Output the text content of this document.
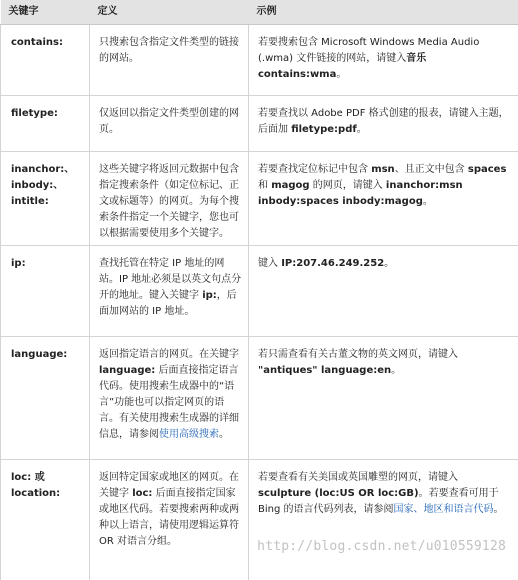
关键字	定义	示例

contains:	只搜索包含指定文件类型的链接的网站。	若要搜索包含 Microsoft Windows Media Audio (.wma) 文件链接的网站，请键入音乐 contains:wma。

filetype:	仅返回以指定文件类型创建的网页。	若要查找以 Adobe PDF 格式创建的报表，请键入主题，后面加 filetype:pdf。

inanchor:、
inbody:、
intitle:	这些关键字将返回元数据中包含指定搜索条件（如定位标记、正文或标题等）的网页。为每个搜索条件指定一个关键字，您也可以根据需要使用多个关键字。	若要查找定位标记中包含 msn、且正文中包含 spaces 和 magog 的网页，请键入 inanchor:msn inbody:spaces inbody:magog。

ip:	查找托管在特定 IP 地址的网站。IP 地址必须是以英文句点分开的地址。键入关键字 ip:，后面加网站的 IP 地址。	键入 IP:207.46.249.252。

language:	返回指定语言的网页。在关键字 language: 后面直接指定语言代码。使用搜索生成器中的“语言”功能也可以指定网页的语言。有关使用搜索生成器的详细信息，请参阅使用高级搜索。	若只需查看有关古董文物的英文网页，请键入 "antiques" language:en。

loc: 或
location:	返回特定国家或地区的网页。在关键字 loc: 后面直接指定国家或地区代码。若要搜索两种或两种以上语言，请使用逻辑运算符 OR 对语言分组。	若要查看有关美国或英国雕塑的网页，请键入 sculpture (loc:US OR loc:GB)。若要查看可用于 Bing 的语言代码列表，请参阅国家、地区和语言代码。
http://blog.csdn.net/u010559128
